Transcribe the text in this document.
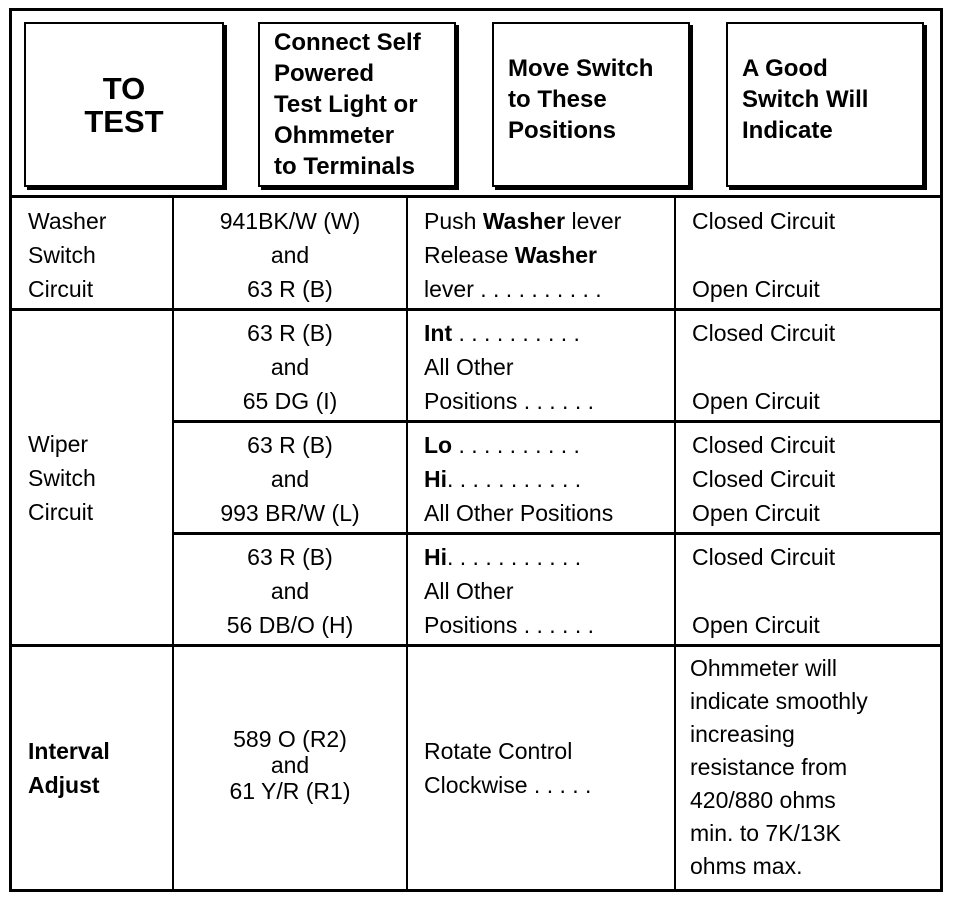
TO
TEST
Connect Self
Powered
Test Light or
Ohmmeter
to Terminals
Move Switch
to These
Positions
A Good
Switch Will
Indicate
Washer
Switch
Circuit
941BK/W (W)
and
63 R (B)
Push Washer lever
Release Washer
lever . . . . . . . . . .
Closed Circuit

Open Circuit
63 R (B)
and
65 DG (I)
Int . . . . . . . . . .
All Other
Positions . . . . . .
Closed Circuit

Open Circuit
Wiper
Switch
Circuit
63 R (B)
and
993 BR/W (L)
Lo . . . . . . . . . .
Hi. . . . . . . . . . .
All Other Positions
Closed Circuit
Closed Circuit
Open Circuit
63 R (B)
and
56 DB/O (H)
Hi. . . . . . . . . . .
All Other
Positions . . . . . .
Closed Circuit

Open Circuit
Interval
Adjust
589 O (R2)
and
61 Y/R (R1)
Rotate Control
Clockwise . . . . .
Ohmmeter will
indicate smoothly
increasing
resistance from
420/880 ohms
min. to 7K/13K
ohms max.
